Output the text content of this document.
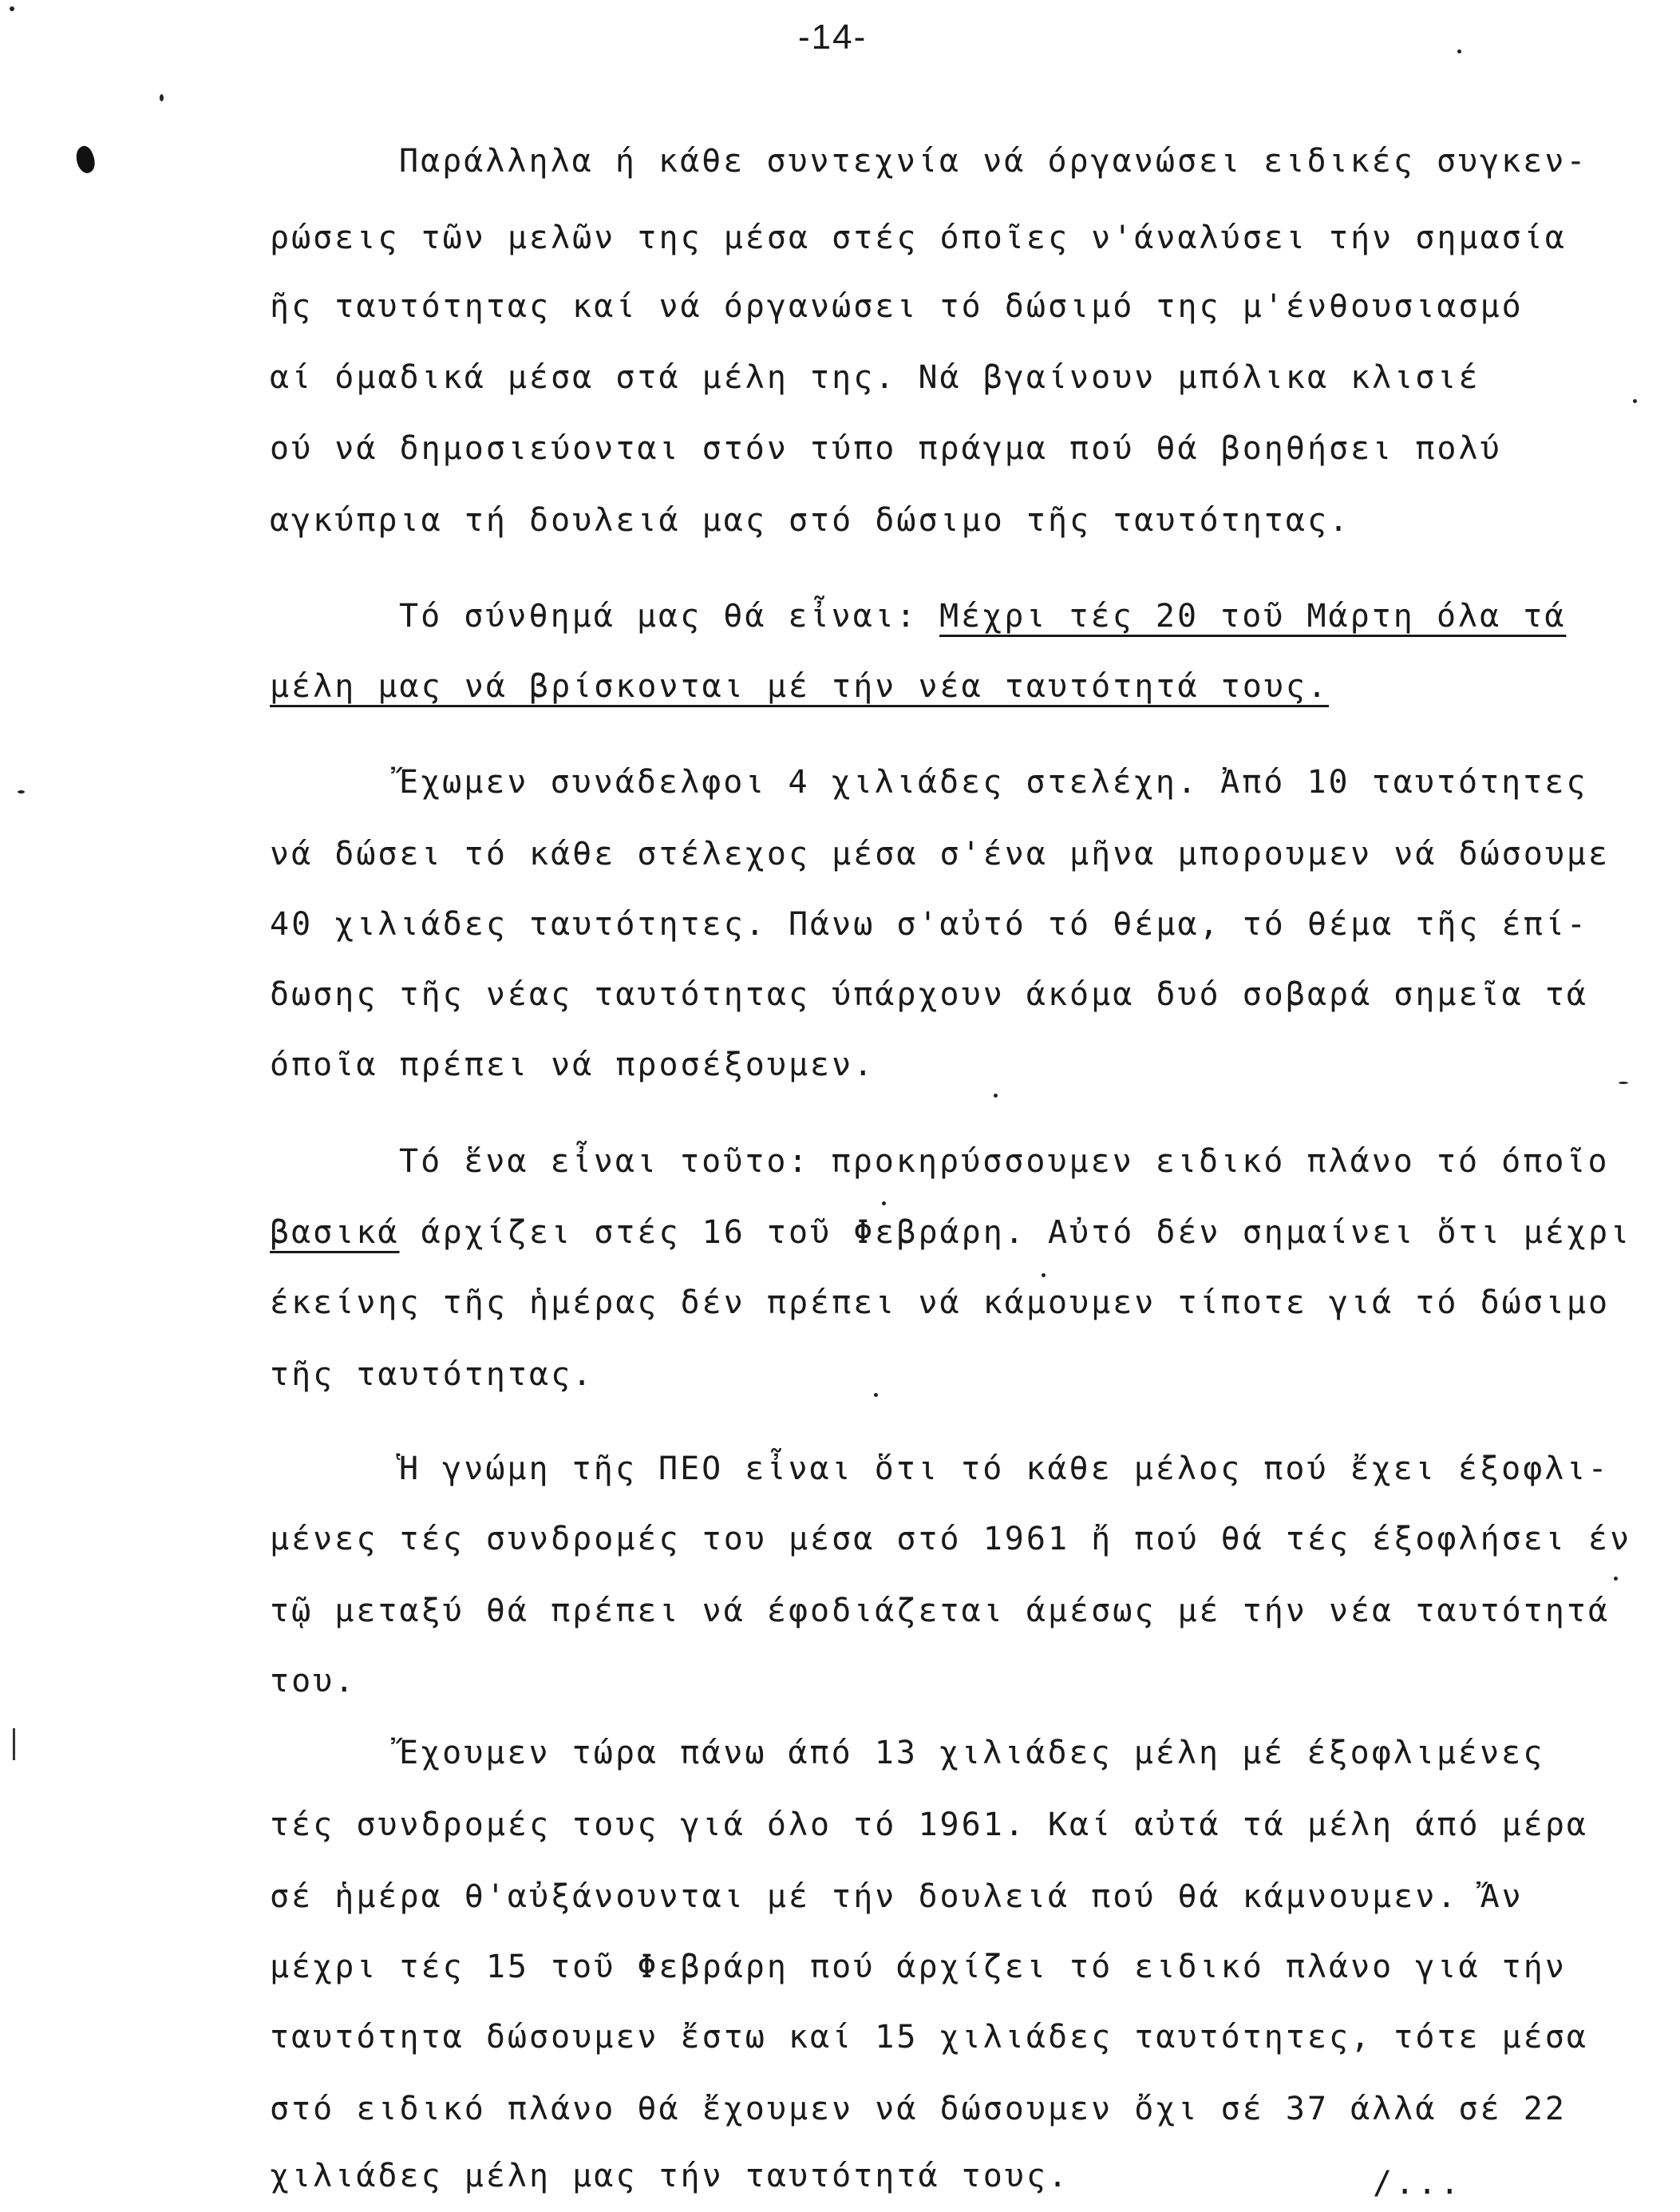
-14-
Παράλληλα ή κάθε συντεχνία νά όργανώσει ειδικές συγκεν-
ρώσεις τῶν μελῶν της μέσα στές όποῖες ν'άναλύσει τήν σημασία
ῆς ταυτότητας καί νά όργανώσει τό δώσιμό της μ'ένθουσιασμό
αί όμαδικά μέσα στά μέλη της. Νά βγαίνουν μπόλικα κλισιέ
ού νά δημοσιεύονται στόν τύπο πράγμα πού θά βοηθήσει πολύ
αγκύπρια τή δουλειά μας στό δώσιμο τῆς ταυτότητας.
Τό σύνθημά μας θά εἶναι: Μέχρι τές 20 τοῦ Μάρτη όλα τά
μέλη μας νά βρίσκονται μέ τήν νέα ταυτότητά τους.
Ἔχωμεν συνάδελφοι 4 χιλιάδες στελέχη. Ἀπό 10 ταυτότητες
νά δώσει τό κάθε στέλεχος μέσα σ'ένα μῆνα μπορουμεν νά δώσουμε
40 χιλιάδες ταυτότητες. Πάνω σ'αὐτό τό θέμα, τό θέμα τῆς έπί-
δωσης τῆς νέας ταυτότητας ύπάρχουν άκόμα δυό σοβαρά σημεῖα τά
όποῖα πρέπει νά προσέξουμεν.
Τό ἕνα εἶναι τοῦτο: προκηρύσσουμεν ειδικό πλάνο τό όποῖο
βασικά άρχίζει στές 16 τοῦ Φεβράρη. Αὐτό δέν σημαίνει ὅτι μέχρι
έκείνης τῆς ἡμέρας δέν πρέπει νά κάμουμεν τίποτε γιά τό δώσιμο
τῆς ταυτότητας.
Ἡ γνώμη τῆς ΠΕΟ εἶναι ὅτι τό κάθε μέλος πού ἔχει έξοφλι-
μένες τές συνδρομές του μέσα στό 1961 ἤ πού θά τές έξοφλήσει έν
τῷ μεταξύ θά πρέπει νά έφοδιάζεται άμέσως μέ τήν νέα ταυτότητά
του.
Ἔχουμεν τώρα πάνω άπό 13 χιλιάδες μέλη μέ έξοφλιμένες
τές συνδρομές τους γιά όλο τό 1961. Καί αὐτά τά μέλη άπό μέρα
σέ ἡμέρα θ'αὐξάνουνται μέ τήν δουλειά πού θά κάμνουμεν. Ἄν
μέχρι τές 15 τοῦ Φεβράρη πού άρχίζει τό ειδικό πλάνο γιά τήν
ταυτότητα δώσουμεν ἔστω καί 15 χιλιάδες ταυτότητες, τότε μέσα
στό ειδικό πλάνο θά ἔχουμεν νά δώσουμεν ὄχι σέ 37 άλλά σέ 22
χιλιάδες μέλη μας τήν ταυτότητά τους.	/...
